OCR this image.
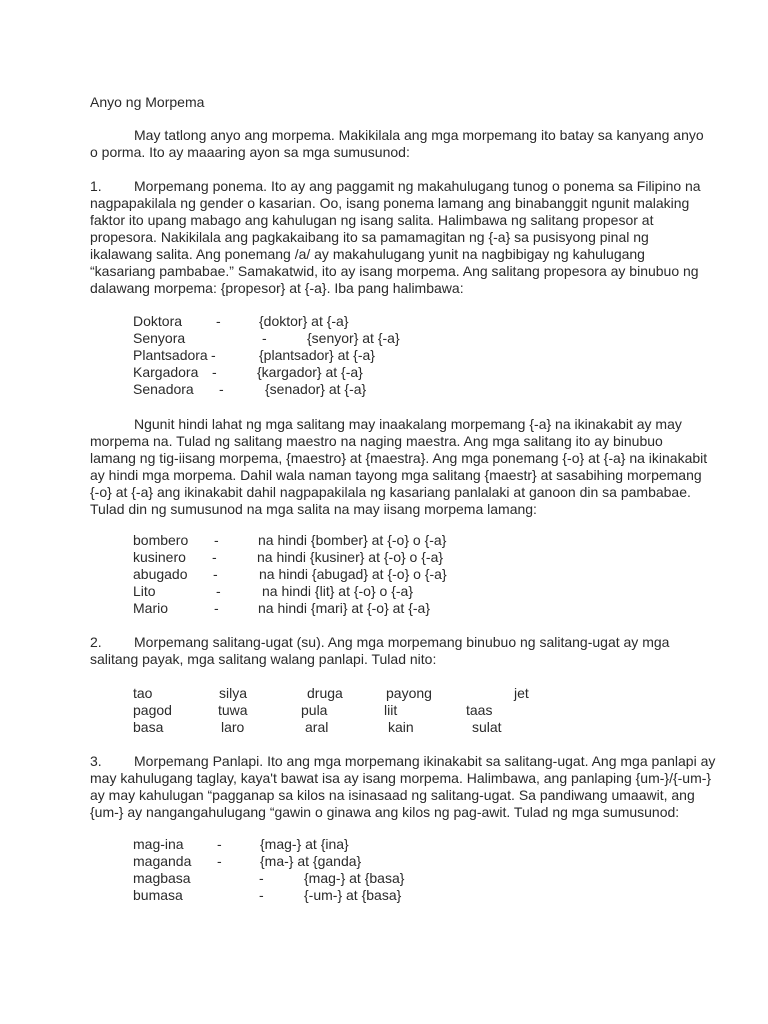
Anyo ng Morpema

May tatlong anyo ang morpema. Makikilala ang mga morpemang ito batay sa kanyang anyo
o porma. Ito ay maaaring ayon sa mga sumusunod:

1. Morpemang ponema. Ito ay ang paggamit ng makahulugang tunog o ponema sa Filipino na
nagpapakilala ng gender o kasarian. Oo, isang ponema lamang ang binabanggit ngunit malaking
faktor ito upang mabago ang kahulugan ng isang salita. Halimbawa ng salitang propesor at
propesora. Nakikilala ang pagkakaibang ito sa pamamagitan ng {-a} sa pusisyong pinal ng
ikalawang salita. Ang ponemang /a/ ay makahulugang yunit na nagbibigay ng kahulugang
“kasariang pambabae.” Samakatwid, ito ay isang morpema. Ang salitang propesora ay binubuo ng
dalawang morpema: {propesor} at {-a}. Iba pang halimbawa:

Doktora -	{doktor} at {-a}
Senyora	-	{senyor} at {-a}
Plantsadora -	{plantsador} at {-a}
Kargadora -	{kargador} at {-a}
Senadora -	{senador} at {-a}

Ngunit hindi lahat ng mga salitang may inaakalang morpemang {-a} na ikinakabit ay may
morpema na. Tulad ng salitang maestro na naging maestra. Ang mga salitang ito ay binubuo
lamang ng tig-iisang morpema, {maestro} at {maestra}. Ang mga ponemang {-o} at {-a} na ikinakabit
ay hindi mga morpema. Dahil wala naman tayong mga salitang {maestr} at sasabihing morpemang
{-o} at {-a} ang ikinakabit dahil nagpapakilala ng kasariang panlalaki at ganoon din sa pambabae.
Tulad din ng sumusunod na mga salita na may iisang morpema lamang:

bombero -	na hindi {bomber} at {-o} o {-a}
kusinero -	na hindi {kusiner} at {-o} o {-a}
abugado -	na hindi {abugad} at {-o} o {-a}
Lito	-	na hindi {lit} at {-o} o {-a}
Mario	-	na hindi {mari} at {-o} at {-a}

2. Morpemang salitang-ugat (su). Ang mga morpemang binubuo ng salitang-ugat ay mga
salitang payak, mga salitang walang panlapi. Tulad nito:

tao	silya	druga	payong	jet
pagod	tuwa	pula	liit	taas
basa	laro	aral	kain	sulat

3. Morpemang Panlapi. Ito ang mga morpemang ikinakabit sa salitang-ugat. Ang mga panlapi ay
may kahulugang taglay, kaya't bawat isa ay isang morpema. Halimbawa, ang panlaping {um-}/{-um-}
ay may kahulugan “pagganap sa kilos na isinasaad ng salitang-ugat. Sa pandiwang umaawit, ang
{um-} ay nangangahulugang “gawin o ginawa ang kilos ng pag-awit. Tulad ng mga sumusunod:

mag-ina -	{mag-} at {ina}
maganda -	{ma-} at {ganda}
magbasa	-	{mag-} at {basa}
bumasa	-	{-um-} at {basa}
